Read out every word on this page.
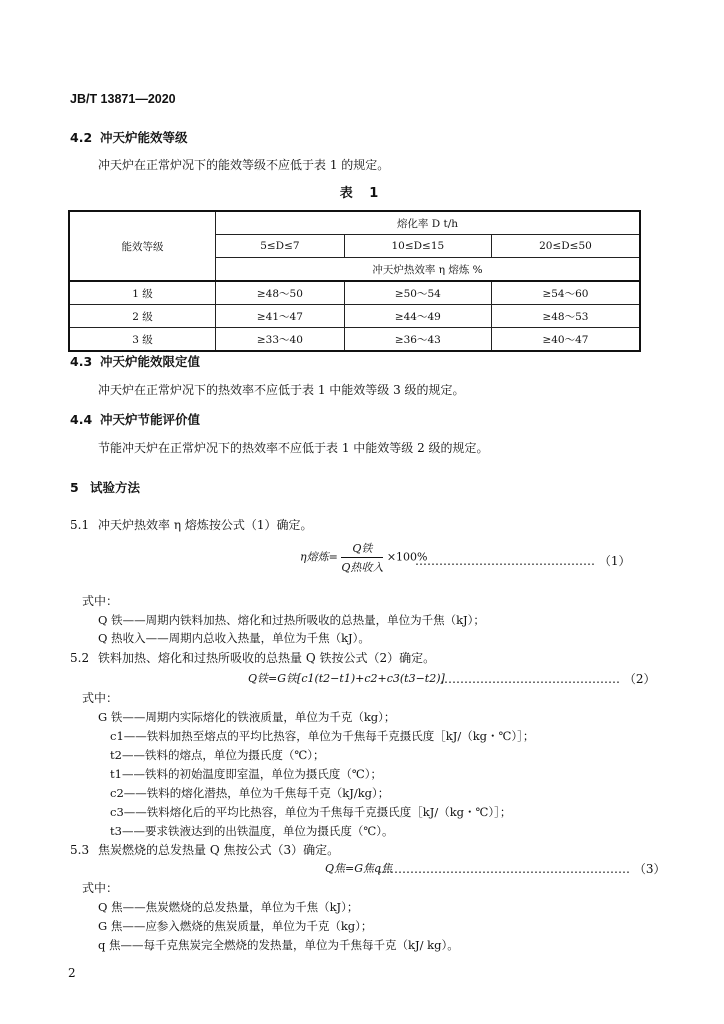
JB/T 13871—2020
4.2 冲天炉能效等级
冲天炉在正常炉况下的能效等级不应低于表 1 的规定。
表 1
能效等级	熔化率 D t/h		
	5≤D≤7	10≤D≤15	20≤D≤50
	冲天炉热效率 η 熔炼 %		
1 级	≥48～50	≥50～54	≥54～60
2 级	≥41～47	≥44～49	≥48～53
3 级	≥33～40	≥36～43	≥40～47
4.3 冲天炉能效限定值
冲天炉在正常炉况下的热效率不应低于表 1 中能效等级 3 级的规定。
4.4 冲天炉节能评价值
节能冲天炉在正常炉况下的热效率不应低于表 1 中能效等级 2 级的规定。
5 试验方法
5.1 冲天炉热效率 η 熔炼按公式（1）确定。
η熔炼= $\frac{\text{Q铁}}{\text{Q热收入}} \times 100\%$
……………………………………… （1）
式中：
Q 铁——周期内铁料加热、熔化和过热所吸收的总热量，单位为千焦（kJ）；
Q 热收入——周期内总收入热量，单位为千焦（kJ）。
5.2 铁料加热、熔化和过热所吸收的总热量 Q 铁按公式（2）确定。
Q铁=G铁[c1(t2−t1)+c2+c3(t3−t2)]
……………………………………… （2）
式中：
G 铁——周期内实际熔化的铁液质量，单位为千克（kg）；
c1——铁料加热至熔点的平均比热容，单位为千焦每千克摄氏度［kJ/（kg・℃）］；
t2——铁料的熔点，单位为摄氏度（℃）；
t1——铁料的初始温度即室温，单位为摄氏度（℃）；
c2——铁料的熔化潜热，单位为千焦每千克（kJ/kg）；
c3——铁料熔化后的平均比热容，单位为千焦每千克摄氏度［kJ/（kg・℃）］；
t3——要求铁液达到的出铁温度，单位为摄氏度（℃）。
5.3 焦炭燃烧的总发热量 Q 焦按公式（3）确定。
Q焦=G焦q焦
……………………………………………………… （3）
式中：
Q 焦——焦炭燃烧的总发热量，单位为千焦（kJ）；
G 焦——应参入燃烧的焦炭质量，单位为千克（kg）；
q 焦——每千克焦炭完全燃烧的发热量，单位为千焦每千克（kJ/ kg）。
2
